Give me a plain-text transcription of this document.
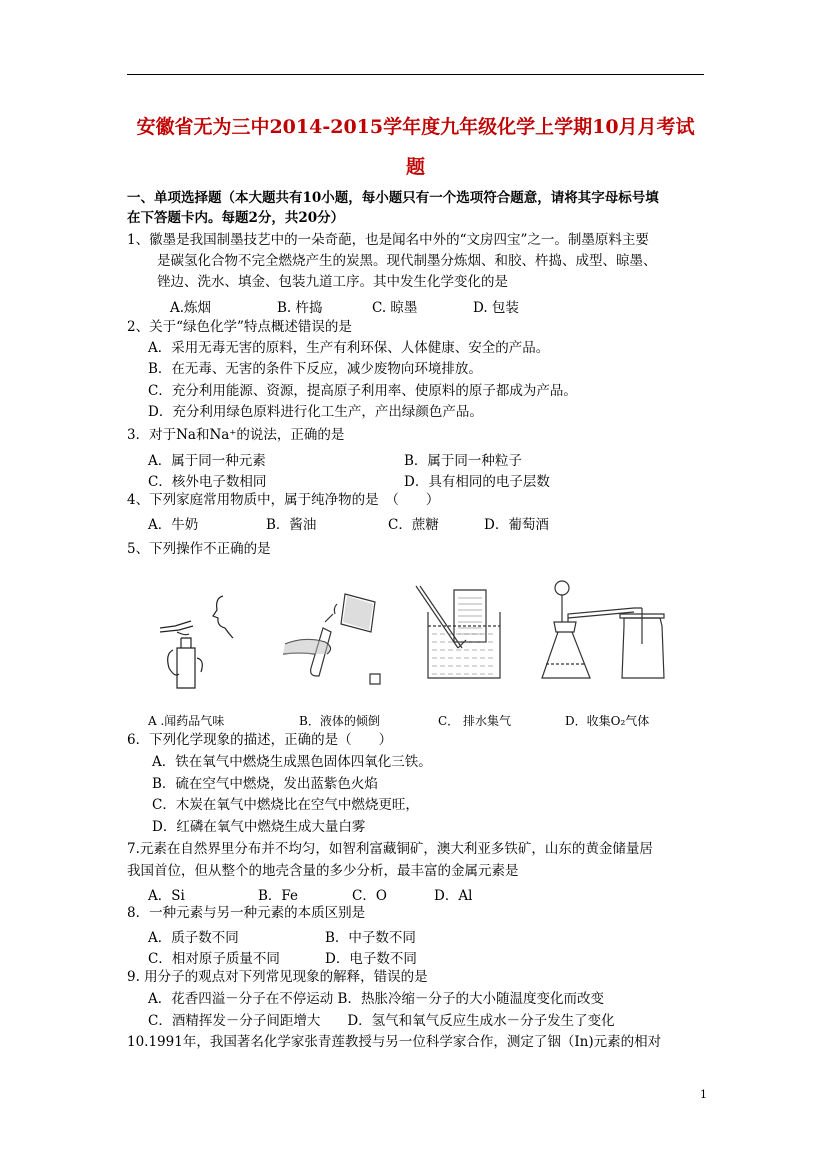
安徽省无为三中2014-2015学年度九年级化学上学期10月月考试
题
一、单项选择题（本大题共有10小题，每小题只有一个选项符合题意，请将其字母标号填
在下答题卡内。每题2分，共20分）
1、徽墨是我国制墨技艺中的一朵奇葩，也是闻名中外的“文房四宝”之一。制墨原料主要
是碳氢化合物不完全燃烧产生的炭黑。现代制墨分炼烟、和胶、杵捣、成型、晾墨、
锉边、洗水、填金、包装九道工序。其中发生化学变化的是
A.炼烟	B. 杵捣	C. 晾墨	D. 包装
2、关于“绿色化学”特点概述错误的是
A．采用无毒无害的原料，生产有利环保、人体健康、安全的产品。
B．在无毒、无害的条件下反应，减少废物向环境排放。
C．充分利用能源、资源，提高原子利用率、使原料的原子都成为产品。
D．充分利用绿色原料进行化工生产，产出绿颜色产品。
3．对于Na和Na⁺的说法，正确的是
A．属于同一种元素	B．属于同一种粒子
C．核外电子数相同	D．具有相同的电子层数
4、下列家庭常用物质中，属于纯净物的是　（　　）
A．牛奶	B．酱油	C．蔗糖	D．葡萄酒
5、下列操作不正确的是
A .闻药品气味	B．液体的倾倒	C． 排水集气	D．收集O₂气体
6．下列化学现象的描述，正确的是（　　）
A．铁在氧气中燃烧生成黑色固体四氧化三铁。
B．硫在空气中燃烧，发出蓝紫色火焰
C．木炭在氧气中燃烧比在空气中燃烧更旺，
D．红磷在氧气中燃烧生成大量白雾
7.元素在自然界里分布并不均匀，如智利富藏铜矿，澳大利亚多铁矿，山东的黄金储量居
我国首位，但从整个的地壳含量的多少分析，最丰富的金属元素是
A．Si	B．Fe	C．O	D．Al
8．一种元素与另一种元素的本质区别是
A．质子数不同	B．中子数不同
C．相对原子质量不同	D．电子数不同
9. 用分子的观点对下列常见现象的解释，错误的是
A．花香四溢－分子在不停运动 B．热胀冷缩－分子的大小随温度变化而改变
C．酒精挥发－分子间距增大　　D．氢气和氧气反应生成水－分子发生了变化
10.1991年，我国著名化学家张青莲教授与另一位科学家合作，测定了铟（In)元素的相对
1
